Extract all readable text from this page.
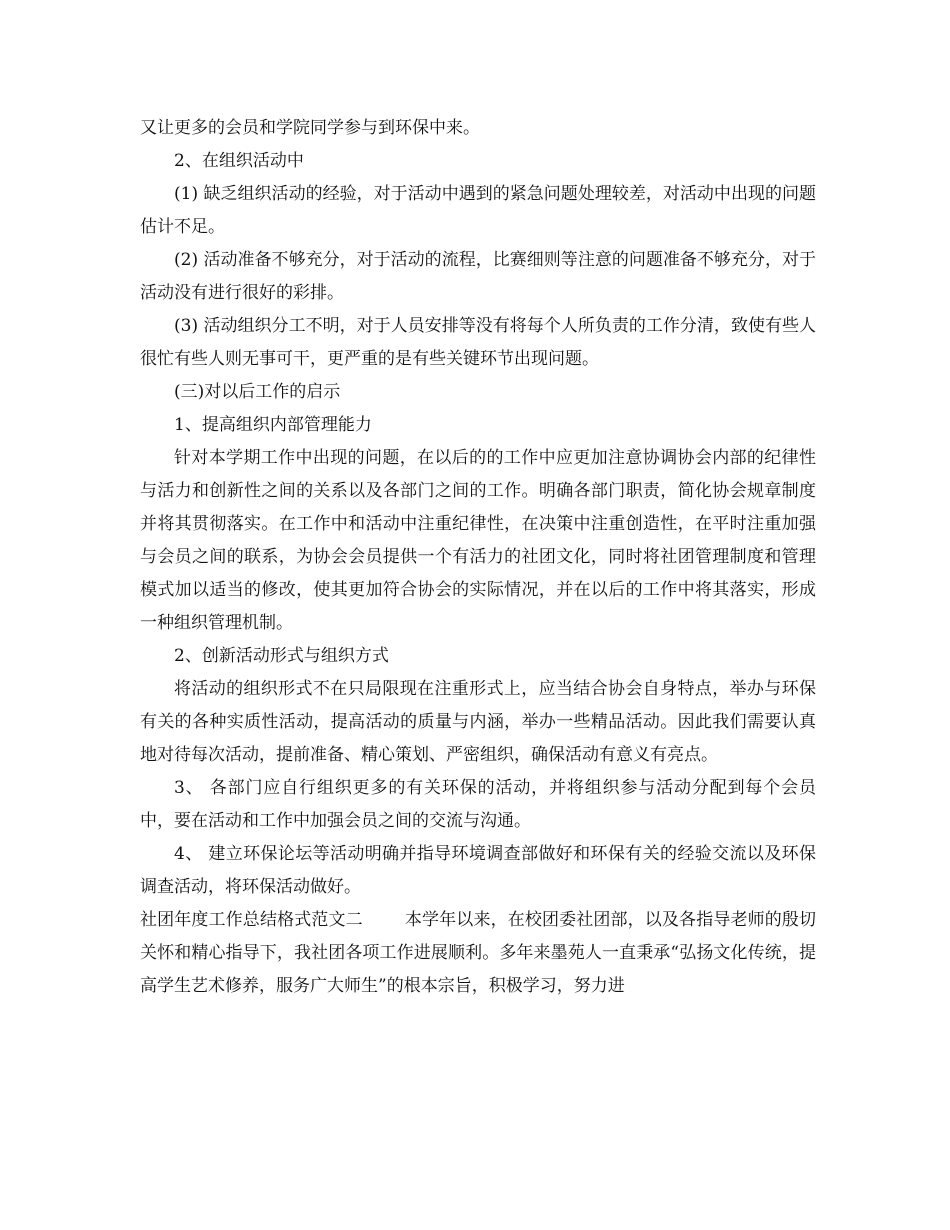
又让更多的会员和学院同学参与到环保中来。

2、在组织活动中

(1) 缺乏组织活动的经验，对于活动中遇到的紧急问题处理较差，对活动中出现的问题估计不足。

(2) 活动准备不够充分，对于活动的流程，比赛细则等注意的问题准备不够充分，对于活动没有进行很好的彩排。

(3) 活动组织分工不明，对于人员安排等没有将每个人所负责的工作分清，致使有些人很忙有些人则无事可干，更严重的是有些关键环节出现问题。

(三)对以后工作的启示

1、提高组织内部管理能力

针对本学期工作中出现的问题，在以后的的工作中应更加注意协调协会内部的纪律性与活力和创新性之间的关系以及各部门之间的工作。明确各部门职责，简化协会规章制度并将其贯彻落实。在工作中和活动中注重纪律性，在决策中注重创造性，在平时注重加强与会员之间的联系，为协会会员提供一个有活力的社团文化，同时将社团管理制度和管理模式加以适当的修改，使其更加符合协会的实际情况，并在以后的工作中将其落实，形成一种组织管理机制。

2、创新活动形式与组织方式

将活动的组织形式不在只局限现在注重形式上，应当结合协会自身特点，举办与环保有关的各种实质性活动，提高活动的质量与内涵，举办一些精品活动。因此我们需要认真地对待每次活动，提前准备、精心策划、严密组织，确保活动有意义有亮点。

3、 各部门应自行组织更多的有关环保的活动，并将组织参与活动分配到每个会员中，要在活动和工作中加强会员之间的交流与沟通。

4、 建立环保论坛等活动明确并指导环境调查部做好和环保有关的经验交流以及环保调查活动，将环保活动做好。

社团年度工作总结格式范文二 本学年以来，在校团委社团部，以及各指导老师的殷切关怀和精心指导下，我社团各项工作进展顺利。多年来墨苑人一直秉承“弘扬文化传统，提高学生艺术修养，服务广大师生”的根本宗旨，积极学习，努力进
